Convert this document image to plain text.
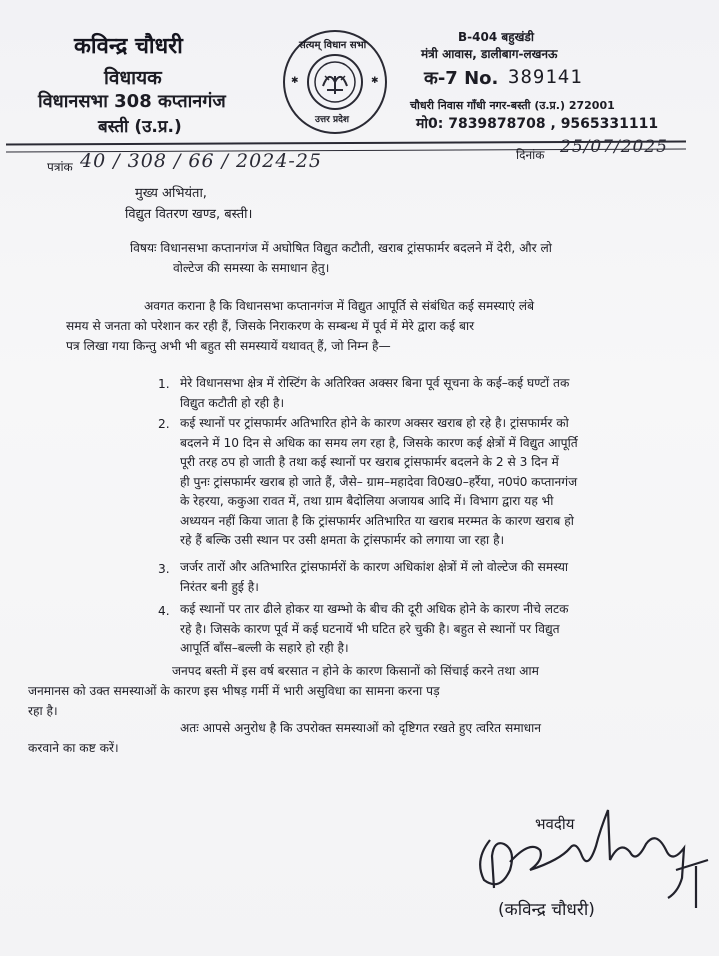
कविन्द्र चौधरी
विधायक
विधानसभा 308 कप्तानगंज
बस्ती (उ.प्र.)
सत्यम् विधान सभा
उत्तर प्रदेश
✱	✱
B-404 बहुखंडी
मंत्री आवास, डालीबाग-लखनऊ
क-7 No. 389141
चौधरी निवास गाँधी नगर-बस्ती (उ.प्र.) 272001
मो0: 7839878708 , 9565331111
पत्रांक 40 / 308 / 66 / 2024-25	दिनांक 25/07/2025
मुख्य अभियंता,
विद्युत वितरण खण्ड, बस्ती।
विषयः विधानसभा कप्तानगंज में अघोषित विद्युत कटौती, खराब ट्रांसफार्मर बदलने में देरी, और लो
वोल्टेज की समस्या के समाधान हेतु।
अवगत कराना है कि विधानसभा कप्तानगंज में विद्युत आपूर्ति से संबंधित कई समस्याएं लंबे
समय से जनता को परेशान कर रही हैं, जिसके निराकरण के सम्बन्ध में पूर्व में मेरे द्वारा कई बार
पत्र लिखा गया किन्तु अभी भी बहुत सी समस्यायें यथावत् हैं, जो निम्न है—
1. मेरे विधानसभा क्षेत्र में रोस्टिंग के अतिरिक्त अक्सर बिना पूर्व सूचना के कई–कई घण्टों तक
विद्युत कटौती हो रही है।
2. कई स्थानों पर ट्रांसफार्मर अतिभारित होने के कारण अक्सर खराब हो रहे है। ट्रांसफार्मर को
बदलने में 10 दिन से अधिक का समय लग रहा है, जिसके कारण कई क्षेत्रों में विद्युत आपूर्ति
पूरी तरह ठप हो जाती है तथा कई स्थानों पर खराब ट्रांसफार्मर बदलने के 2 से 3 दिन में
ही पुनः ट्रांसफार्मर खराब हो जाते हैं, जैसे– ग्राम–महादेवा वि0ख0–हर्रैया, न0पं0 कप्तानगंज
के रेहरया, ककुआ रावत में, तथा ग्राम बैदोलिया अजायब आदि में। विभाग द्वारा यह भी
अध्ययन नहीं किया जाता है कि ट्रांसफार्मर अतिभारित या खराब मरम्मत के कारण खराब हो
रहे हैं बल्कि उसी स्थान पर उसी क्षमता के ट्रांसफार्मर को लगाया जा रहा है।
3. जर्जर तारों और अतिभारित ट्रांसफार्मरों के कारण अधिकांश क्षेत्रों में लो वोल्टेज की समस्या
निरंतर बनी हुई है।
4. कई स्थानों पर तार ढीले होकर या खम्भो के बीच की दूरी अधिक होने के कारण नीचे लटक
रहे है। जिसके कारण पूर्व में कई घटनायें भी घटित हरे चुकी है। बहुत से स्थानों पर विद्युत
आपूर्ति बाँस–बल्ली के सहारे हो रही है।
जनपद बस्ती में इस वर्ष बरसात न होने के कारण किसानों को सिंचाई करने तथा आम
जनमानस को उक्त समस्याओं के कारण इस भीषड़ गर्मी में भारी असुविधा का सामना करना पड़
रहा है।
अतः आपसे अनुरोध है कि उपरोक्त समस्याओं को दृष्टिगत रखते हुए त्वरित समाधान
करवाने का कष्ट करें।
भवदीय
(कविन्द्र चौधरी)
